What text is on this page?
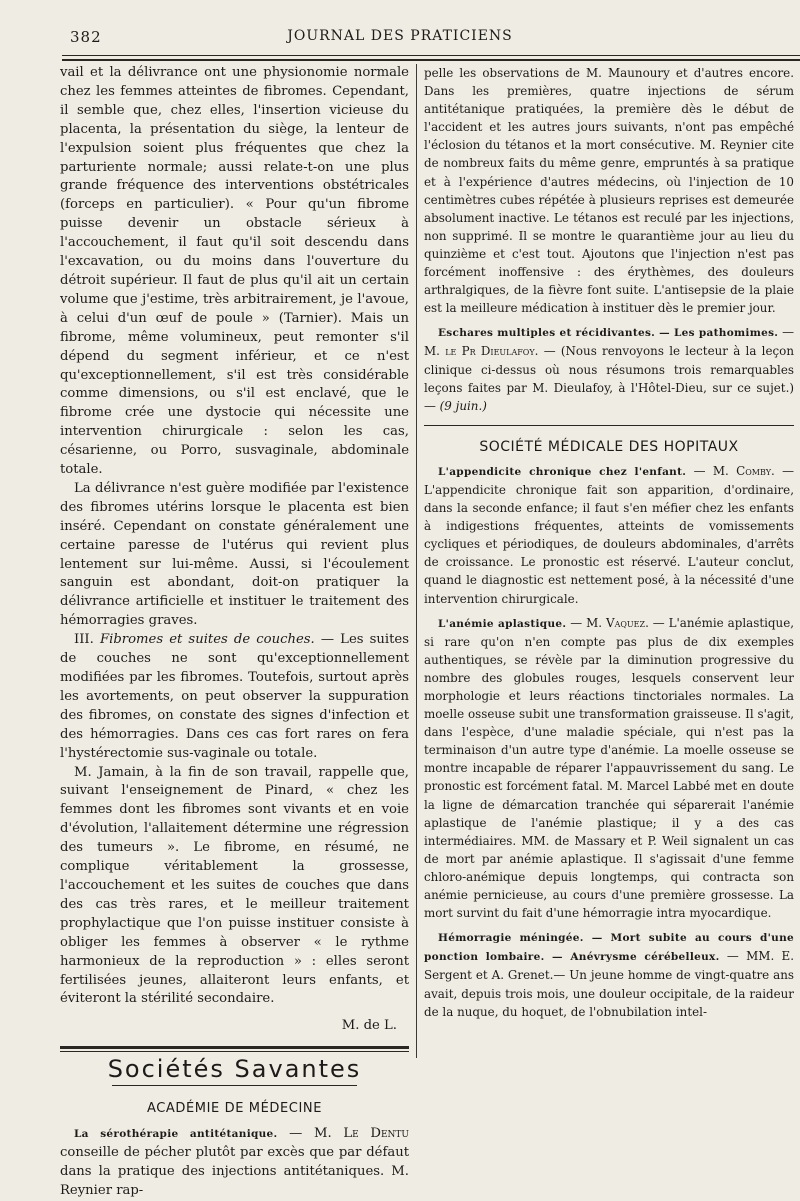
382	JOURNAL DES PRATICIENS

vail et la délivrance ont une physionomie normale chez les femmes atteintes de fibromes. Cependant, il semble que, chez elles, l'insertion vicieuse du placenta, la présentation du siège, la lenteur de l'expulsion soient plus fréquentes que chez la parturiente normale; aussi relate-t-on une plus grande fréquence des interventions obstétricales (forceps en particulier). « Pour qu'un fibrome puisse devenir un obstacle sérieux à l'accouchement, il faut qu'il soit descendu dans l'excavation, ou du moins dans l'ouverture du détroit supérieur. Il faut de plus qu'il ait un certain volume que j'estime, très arbitrairement, je l'avoue, à celui d'un œuf de poule » (Tarnier). Mais un fibrome, même volumineux, peut remonter s'il dépend du segment inférieur, et ce n'est qu'exceptionnellement, s'il est très considérable comme dimensions, ou s'il est enclavé, que le fibrome crée une dystocie qui nécessite une intervention chirurgicale : selon les cas, césarienne, ou Porro, susvaginale, abdominale totale.

La délivrance n'est guère modifiée par l'existence des fibromes utérins lorsque le placenta est bien inséré. Cependant on constate généralement une certaine paresse de l'utérus qui revient plus lentement sur lui-même. Aussi, si l'écoulement sanguin est abondant, doit-on pratiquer la délivrance artificielle et instituer le traitement des hémorragies graves.

III. Fibromes et suites de couches. — Les suites de couches ne sont qu'exceptionnellement modifiées par les fibromes. Toutefois, surtout après les avortements, on peut observer la suppuration des fibromes, on constate des signes d'infection et des hémorragies. Dans ces cas fort rares on fera l'hystérectomie sus-vaginale ou totale.

M. Jamain, à la fin de son travail, rappelle que, suivant l'enseignement de Pinard, « chez les femmes dont les fibromes sont vivants et en voie d'évolution, l'allaitement détermine une régression des tumeurs ». Le fibrome, en résumé, ne complique véritablement la grossesse, l'accouchement et les suites de couches que dans des cas très rares, et le meilleur traitement prophylactique que l'on puisse instituer consiste à obliger les femmes à observer « le rythme harmonieux de la reproduction » : elles seront fertilisées jeunes, allaiteront leurs enfants, et éviteront la stérilité secondaire.

M. de L.

Sociétés Savantes
ACADÉMIE DE MÉDECINE

La sérothérapie antitétanique. — M. Le Dentu conseille de pécher plutôt par excès que par défaut dans la pratique des injections antitétaniques. M. Reynier rap-

pelle les observations de M. Maunoury et d'autres encore. Dans les premières, quatre injections de sérum antitétanique pratiquées, la première dès le début de l'accident et les autres jours suivants, n'ont pas empêché l'éclosion du tétanos et la mort consécutive. M. Reynier cite de nombreux faits du même genre, empruntés à sa pratique et à l'expérience d'autres médecins, où l'injection de 10 centimètres cubes répétée à plusieurs reprises est demeurée absolument inactive. Le tétanos est reculé par les injections, non supprimé. Il se montre le quarantième jour au lieu du quinzième et c'est tout. Ajoutons que l'injection n'est pas forcément inoffensive : des érythèmes, des douleurs arthralgiques, de la fièvre font suite. L'antisepsie de la plaie est la meilleure médication à instituer dès le premier jour.

Eschares multiples et récidivantes. — Les pathomimes. — M. le Pr Dieulafoy. — (Nous renvoyons le lecteur à la leçon clinique ci-dessus où nous résumons trois remarquables leçons faites par M. Dieulafoy, à l'Hôtel-Dieu, sur ce sujet.) — (9 juin.)

SOCIÉTÉ MÉDICALE DES HOPITAUX

L'appendicite chronique chez l'enfant. — M. Comby. — L'appendicite chronique fait son apparition, d'ordinaire, dans la seconde enfance; il faut s'en méfier chez les enfants à indigestions fréquentes, atteints de vomissements cycliques et périodiques, de douleurs abdominales, d'arrêts de croissance. Le pronostic est réservé. L'auteur conclut, quand le diagnostic est nettement posé, à la nécessité d'une intervention chirurgicale.

L'anémie aplastique. — M. Vaquez. — L'anémie aplastique, si rare qu'on n'en compte pas plus de dix exemples authentiques, se révèle par la diminution progressive du nombre des globules rouges, lesquels conservent leur morphologie et leurs réactions tinctoriales normales. La moelle osseuse subit une transformation graisseuse. Il s'agit, dans l'espèce, d'une maladie spéciale, qui n'est pas la terminaison d'un autre type d'anémie. La moelle osseuse se montre incapable de réparer l'appauvrissement du sang. Le pronostic est forcément fatal. M. Marcel Labbé met en doute la ligne de démarcation tranchée qui séparerait l'anémie aplastique de l'anémie plastique; il y a des cas intermédiaires. MM. de Massary et P. Weil signalent un cas de mort par anémie aplastique. Il s'agissait d'une femme chloro-anémique depuis longtemps, qui contracta son anémie pernicieuse, au cours d'une première grossesse. La mort survint du fait d'une hémorragie intra myocardique.

Hémorragie méningée. — Mort subite au cours d'une ponction lombaire. — Anévrysme cérébelleux. — MM. E. Sergent et A. Grenet.— Un jeune homme de vingt-quatre ans avait, depuis trois mois, une douleur occipitale, de la raideur de la nuque, du hoquet, de l'obnubilation intel-
